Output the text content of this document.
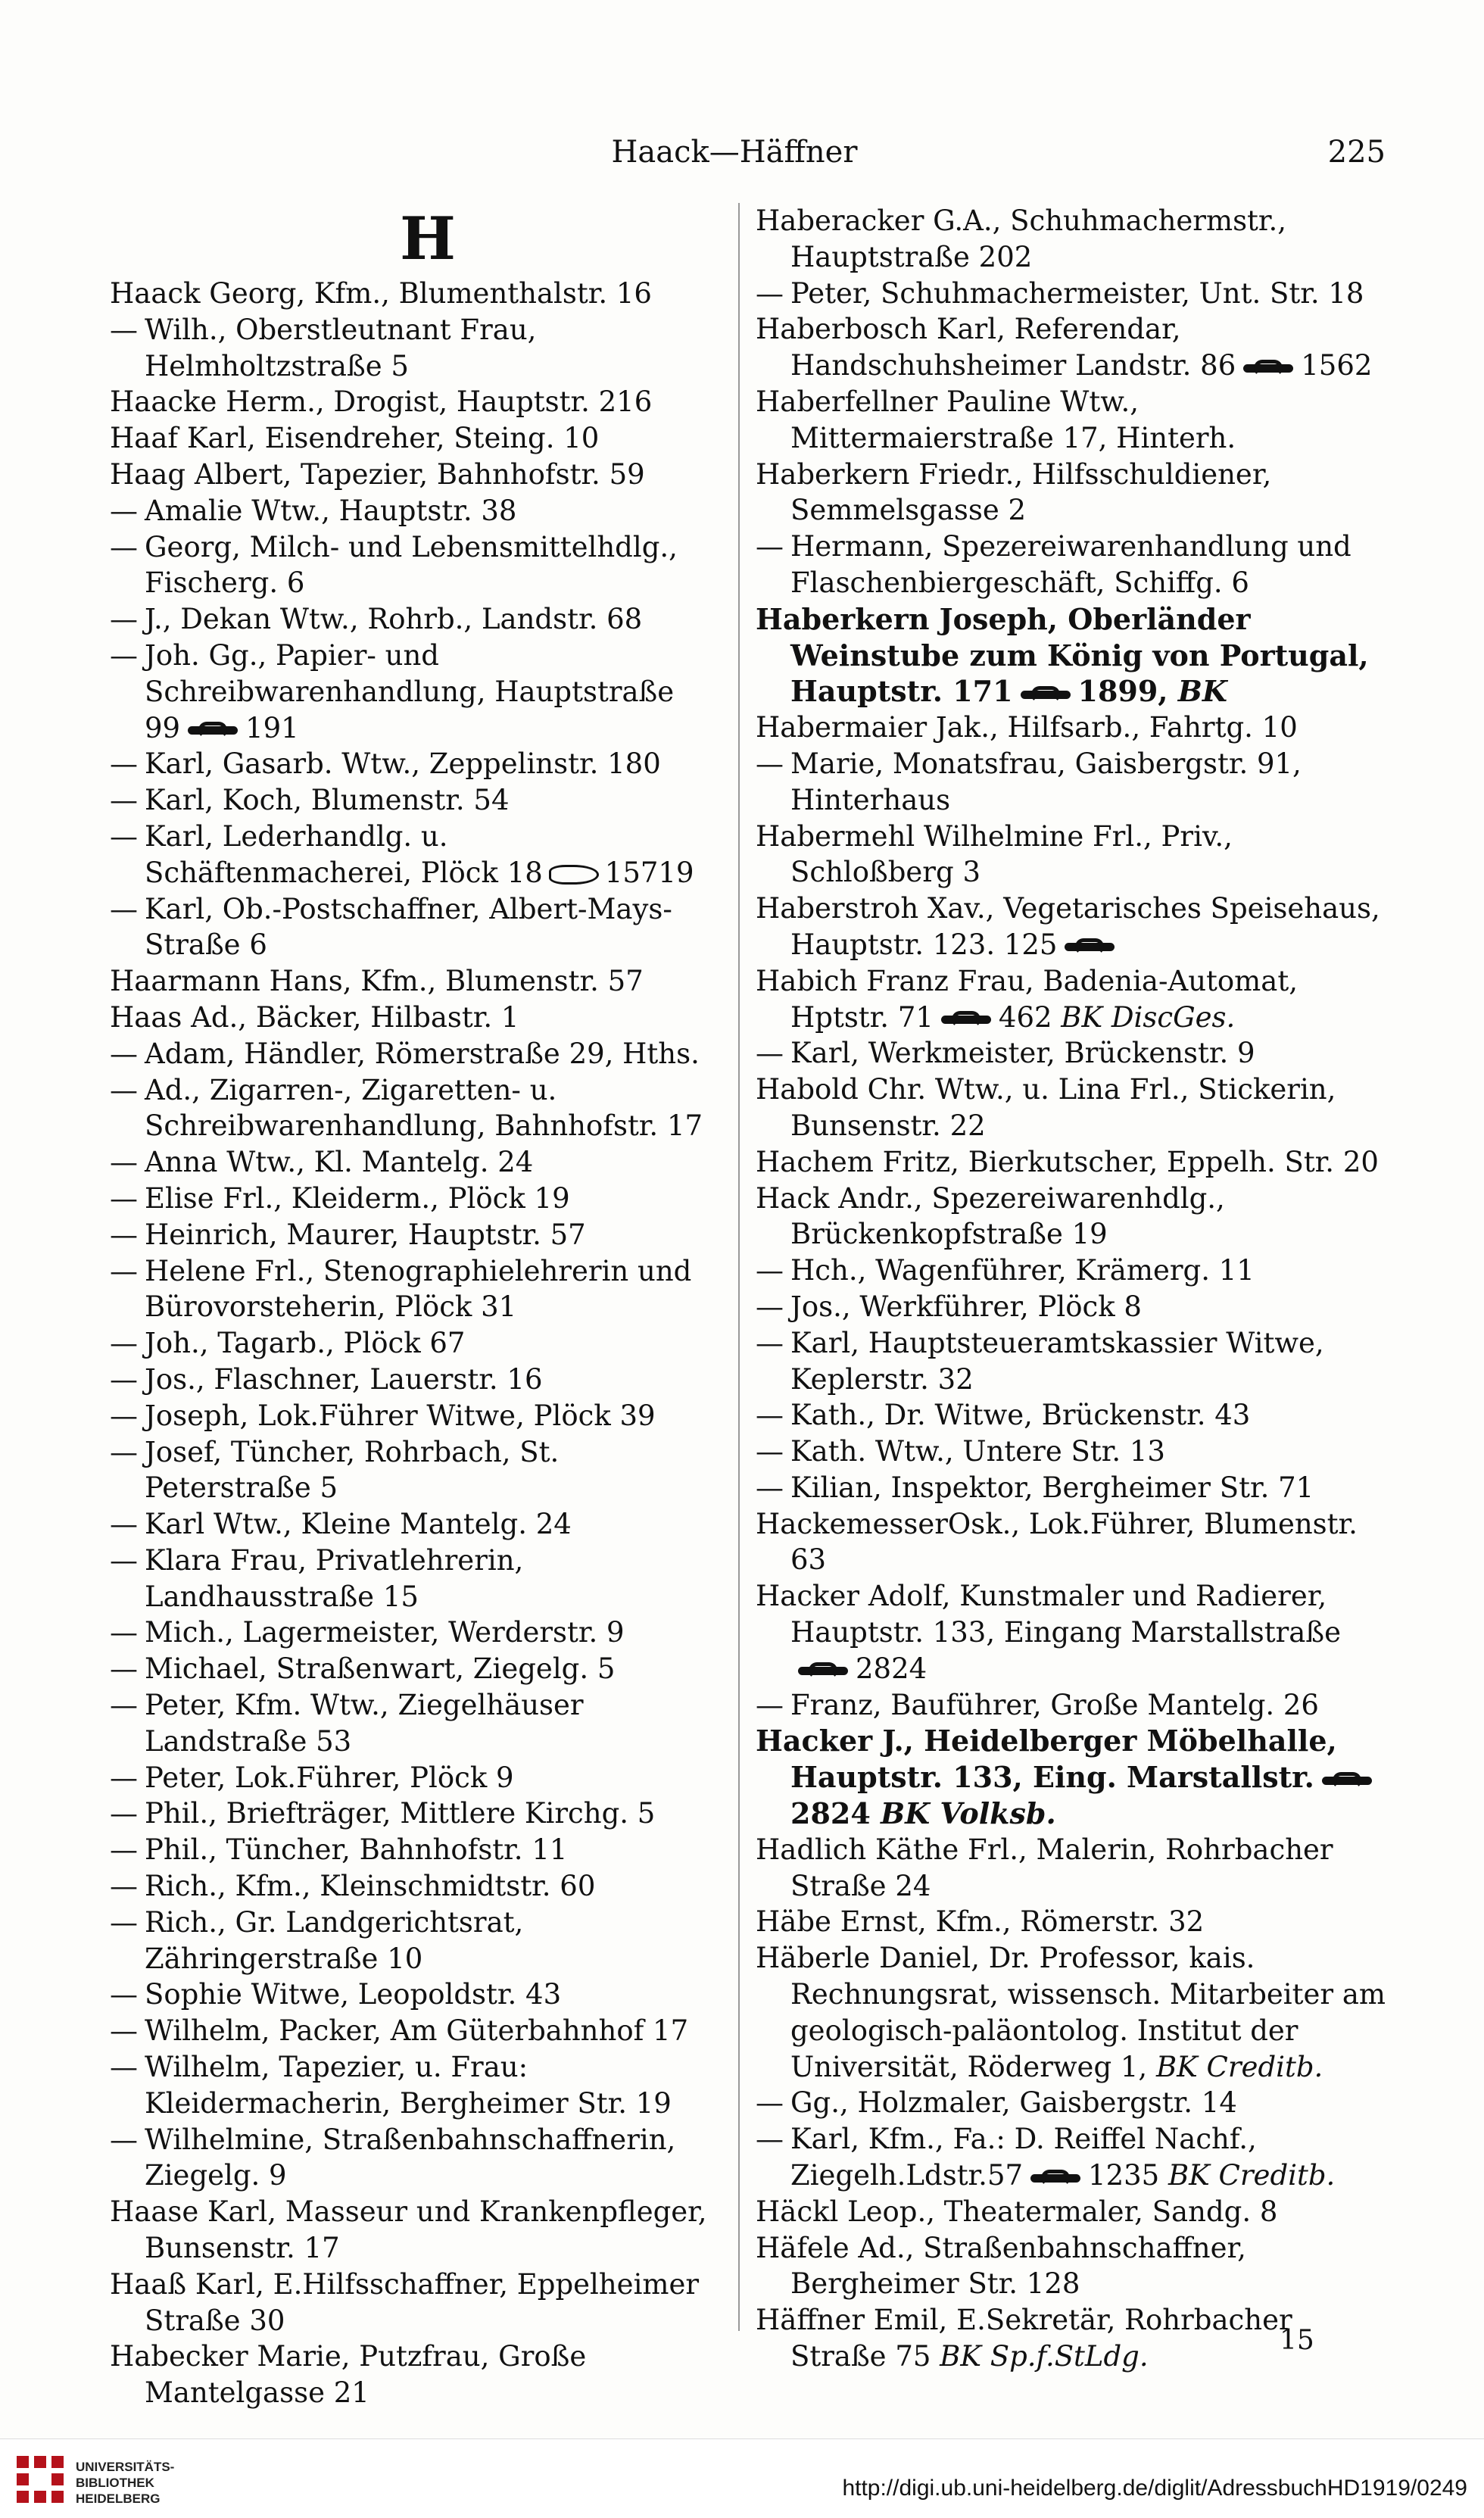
Haack—Häffner	225
H
Haack Georg, Kfm., Blumenthalstr. 16
— Wilh., Oberstleutnant Frau, Helmholtzstraße 5
Haacke Herm., Drogist, Hauptstr. 216
Haaf Karl, Eisendreher, Steing. 10
Haag Albert, Tapezier, Bahnhofstr. 59
— Amalie Wtw., Hauptstr. 38
— Georg, Milch- und Lebensmittelhdlg., Fischerg. 6
— J., Dekan Wtw., Rohrb., Landstr. 68
— Joh. Gg., Papier- und Schreibwarenhandlung, Hauptstraße 99 191
— Karl, Gasarb. Wtw., Zeppelinstr. 180
— Karl, Koch, Blumenstr. 54
— Karl, Lederhandlg. u. Schäftenmacherei, Plöck 18 15719
— Karl, Ob.-Postschaffner, Albert-Mays-Straße 6
Haarmann Hans, Kfm., Blumenstr. 57
Haas Ad., Bäcker, Hilbastr. 1
— Adam, Händler, Römerstraße 29, Hths.
— Ad., Zigarren-, Zigaretten- u. Schreibwarenhandlung, Bahnhofstr. 17
— Anna Wtw., Kl. Mantelg. 24
— Elise Frl., Kleiderm., Plöck 19
— Heinrich, Maurer, Hauptstr. 57
— Helene Frl., Stenographielehrerin und Bürovorsteherin, Plöck 31
— Joh., Tagarb., Plöck 67
— Jos., Flaschner, Lauerstr. 16
— Joseph, Lok.Führer Witwe, Plöck 39
— Josef, Tüncher, Rohrbach, St. Peterstraße 5
— Karl Wtw., Kleine Mantelg. 24
— Klara Frau, Privatlehrerin, Landhausstraße 15
— Mich., Lagermeister, Werderstr. 9
— Michael, Straßenwart, Ziegelg. 5
— Peter, Kfm. Wtw., Ziegelhäuser Landstraße 53
— Peter, Lok.Führer, Plöck 9
— Phil., Briefträger, Mittlere Kirchg. 5
— Phil., Tüncher, Bahnhofstr. 11
— Rich., Kfm., Kleinschmidtstr. 60
— Rich., Gr. Landgerichtsrat, Zähringerstraße 10
— Sophie Witwe, Leopoldstr. 43
— Wilhelm, Packer, Am Güterbahnhof 17
— Wilhelm, Tapezier, u. Frau: Kleidermacherin, Bergheimer Str. 19
— Wilhelmine, Straßenbahnschaffnerin, Ziegelg. 9
Haase Karl, Masseur und Krankenpfleger, Bunsenstr. 17
Haaß Karl, E.Hilfsschaffner, Eppelheimer Straße 30
Habecker Marie, Putzfrau, Große Mantelgasse 21
Haberacker G.A., Schuhmachermstr., Hauptstraße 202
— Peter, Schuhmachermeister, Unt. Str. 18
Haberbosch Karl, Referendar, Handschuhsheimer Landstr. 86 1562
Haberfellner Pauline Wtw., Mittermaierstraße 17, Hinterh.
Haberkern Friedr., Hilfsschuldiener, Semmelsgasse 2
— Hermann, Spezereiwarenhandlung und Flaschenbiergeschäft, Schiffg. 6
Haberkern Joseph, Oberländer Weinstube zum König von Portugal, Hauptstr. 171 1899, BK
Habermaier Jak., Hilfsarb., Fahrtg. 10
— Marie, Monatsfrau, Gaisbergstr. 91, Hinterhaus
Habermehl Wilhelmine Frl., Priv., Schloßberg 3
Haberstroh Xav., Vegetarisches Speisehaus, Hauptstr. 123. 125
Habich Franz Frau, Badenia-Automat, Hptstr. 71 462 BK DiscGes.
— Karl, Werkmeister, Brückenstr. 9
Habold Chr. Wtw., u. Lina Frl., Stickerin, Bunsenstr. 22
Hachem Fritz, Bierkutscher, Eppelh. Str. 20
Hack Andr., Spezereiwarenhdlg., Brückenkopfstraße 19
— Hch., Wagenführer, Krämerg. 11
— Jos., Werkführer, Plöck 8
— Karl, Hauptsteueramtskassier Witwe, Keplerstr. 32
— Kath., Dr. Witwe, Brückenstr. 43
— Kath. Wtw., Untere Str. 13
— Kilian, Inspektor, Bergheimer Str. 71
HackemesserOsk., Lok.Führer, Blumenstr. 63
Hacker Adolf, Kunstmaler und Radierer, Hauptstr. 133, Eingang Marstallstraße2824
— Franz, Bauführer, Große Mantelg. 26
Hacker J., Heidelberger Möbelhalle, Hauptstr. 133, Eing. Marstallstr.2824 BK Volksb.
Hadlich Käthe Frl., Malerin, Rohrbacher Straße 24
Häbe Ernst, Kfm., Römerstr. 32
Häberle Daniel, Dr. Professor, kais. Rechnungsrat, wissensch. Mitarbeiter am geologisch-paläontolog. Institut der Universität, Röderweg 1, BK Creditb.
— Gg., Holzmaler, Gaisbergstr. 14
— Karl, Kfm., Fa.: D. Reiffel Nachf., Ziegelh.Ldstr.57 1235 BK Creditb.
Häckl Leop., Theatermaler, Sandg. 8
Häfele Ad., Straßenbahnschaffner, Bergheimer Str. 128
Häffner Emil, E.Sekretär, Rohrbacher Straße 75 BK Sp.f.StLdg.	15
UNIVERSITÄTS-
BIBLIOTHEK
HEIDELBERG	http://digi.ub.uni-heidelberg.de/diglit/AdressbuchHD1919/0249
